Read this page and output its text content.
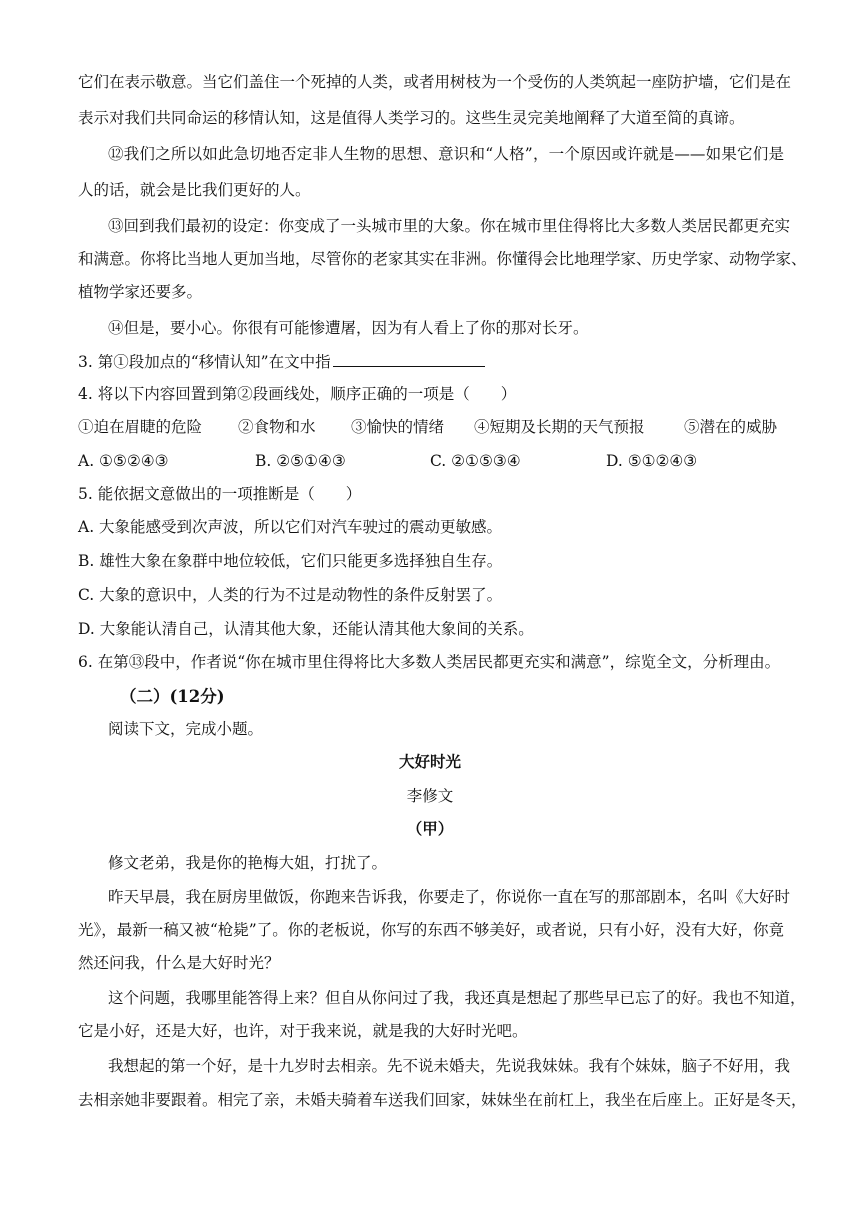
它们在表示敬意。当它们盖住一个死掉的人类，或者用树枝为一个受伤的人类筑起一座防护墙，它们是在
表示对我们共同命运的移情认知，这是值得人类学习的。这些生灵完美地阐释了大道至简的真谛。
⑫我们之所以如此急切地否定非人生物的思想、意识和“人格”，一个原因或许就是——如果它们是
人的话，就会是比我们更好的人。
⑬回到我们最初的设定：你变成了一头城市里的大象。你在城市里住得将比大多数人类居民都更充实
和满意。你将比当地人更加当地，尽管你的老家其实在非洲。你懂得会比地理学家、历史学家、动物学家、
植物学家还要多。
⑭但是，要小心。你很有可能惨遭屠，因为有人看上了你的那对长牙。
3. 第①段加点的“移情认知”在文中指
4. 将以下内容回置到第②段画线处，顺序正确的一项是（　　）
①迫在眉睫的危险 ②食物和水 ③愉快的情绪 ④短期及长期的天气预报	⑤潜在的威胁
A. ①⑤②④③	B. ②⑤①④③	C. ②①⑤③④	D. ⑤①②④③
5. 能依据文意做出的一项推断是（　　）
A. 大象能感受到次声波，所以它们对汽车驶过的震动更敏感。
B. 雄性大象在象群中地位较低，它们只能更多选择独自生存。
C. 大象的意识中，人类的行为不过是动物性的条件反射罢了。
D. 大象能认清自己，认清其他大象，还能认清其他大象间的关系。
6. 在第⑬段中，作者说“你在城市里住得将比大多数人类居民都更充实和满意”，综览全文，分析理由。
（二）(12分)
阅读下文，完成小题。
大好时光
李修文
（甲）
修文老弟，我是你的艳梅大姐，打扰了。
昨天早晨，我在厨房里做饭，你跑来告诉我，你要走了，你说你一直在写的那部剧本，名叫《大好时
光》，最新一稿又被“枪毙”了。你的老板说，你写的东西不够美好，或者说，只有小好，没有大好，你竟
然还问我，什么是大好时光？
这个问题，我哪里能答得上来？但自从你问过了我，我还真是想起了那些早已忘了的好。我也不知道，
它是小好，还是大好，也许，对于我来说，就是我的大好时光吧。
我想起的第一个好，是十九岁时去相亲。先不说未婚夫，先说我妹妹。我有个妹妹，脑子不好用，我
去相亲她非要跟着。相完了亲，未婚夫骑着车送我们回家，妹妹坐在前杠上，我坐在后座上。正好是冬天，
